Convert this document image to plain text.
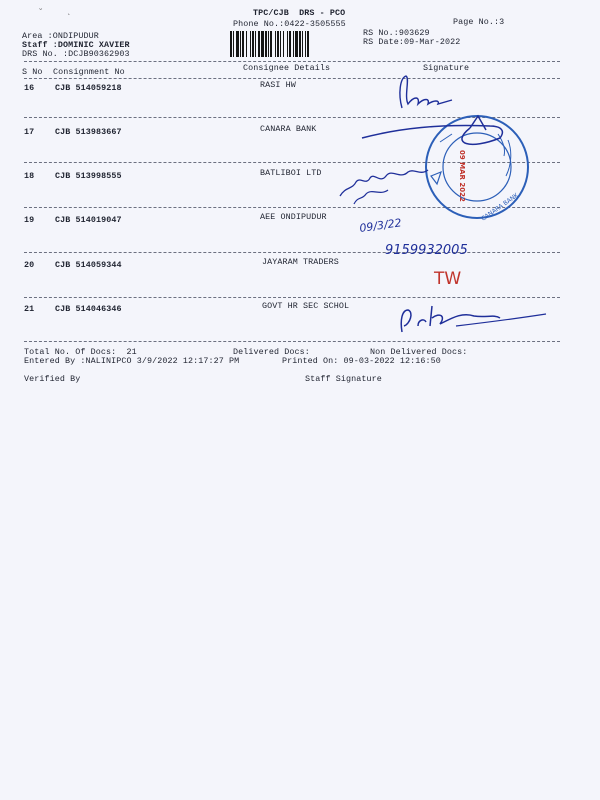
˘	ˎ	TPC/CJB  DRS - PCO
Phone No.:0422-3505555	Page No.:3
RS No.:903629
RS Date:09-Mar-2022
Area :ONDIPUDUR
Staff :DOMINIC XAVIER
DRS No. :DCJB90362903
S No Consignment No	Consignee Details	Signature
16 CJB 514059218	RASI HW
17 CJB 513983667	CANARA BANK
18 CJB 513998555	BATLIBOI LTD
19 CJB 514019047	AEE ONDIPUDUR
20 CJB 514059344	JAYARAM TRADERS
21 CJB 514046346	GOVT HR SEC SCHOL
Total No. Of Docs:  21	Delivered Docs:	Non Delivered Docs:
Entered By :NALINIPCO 3/9/2022 12:17:27 PM	Printed On: 09-03-2022 12:16:50
Verified By	Staff Signature
CANARA BANK
09 MAR 2022
09/3/22
9159932005
TW
